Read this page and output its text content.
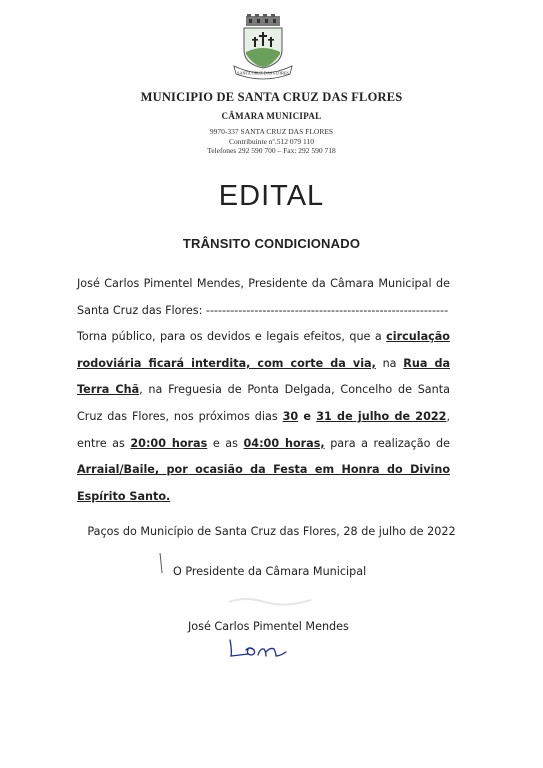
SANTA CRUZ DAS FLORES
MUNICIPIO DE SANTA CRUZ DAS FLORES
CÂMARA MUNICIPAL
9970-337 SANTA CRUZ DAS FLORES
Contribuinte nº.512 079 110
Telefones 292 590 700 – Fax: 292 590 718
EDITAL
TRÂNSITO CONDICIONADO

José Carlos Pimentel Mendes, Presidente da Câmara Municipal de Santa Cruz das Flores: ------------------------------------------------------------

Torna público, para os devidos e legais efeitos, que a circulação rodoviária ficará interdita, com corte da via, na Rua da Terra Chã, na Freguesia de Ponta Delgada, Concelho de Santa Cruz das Flores, nos próximos dias 30 e 31 de julho de 2022, entre as 20:00 horas e as 04:00 horas, para a realização de Arraial/Baile, por ocasião da Festa em Honra do Divino Espírito Santo.

Paços do Município de Santa Cruz das Flores, 28 de julho de 2022
O Presidente da Câmara Municipal
José Carlos Pimentel Mendes
